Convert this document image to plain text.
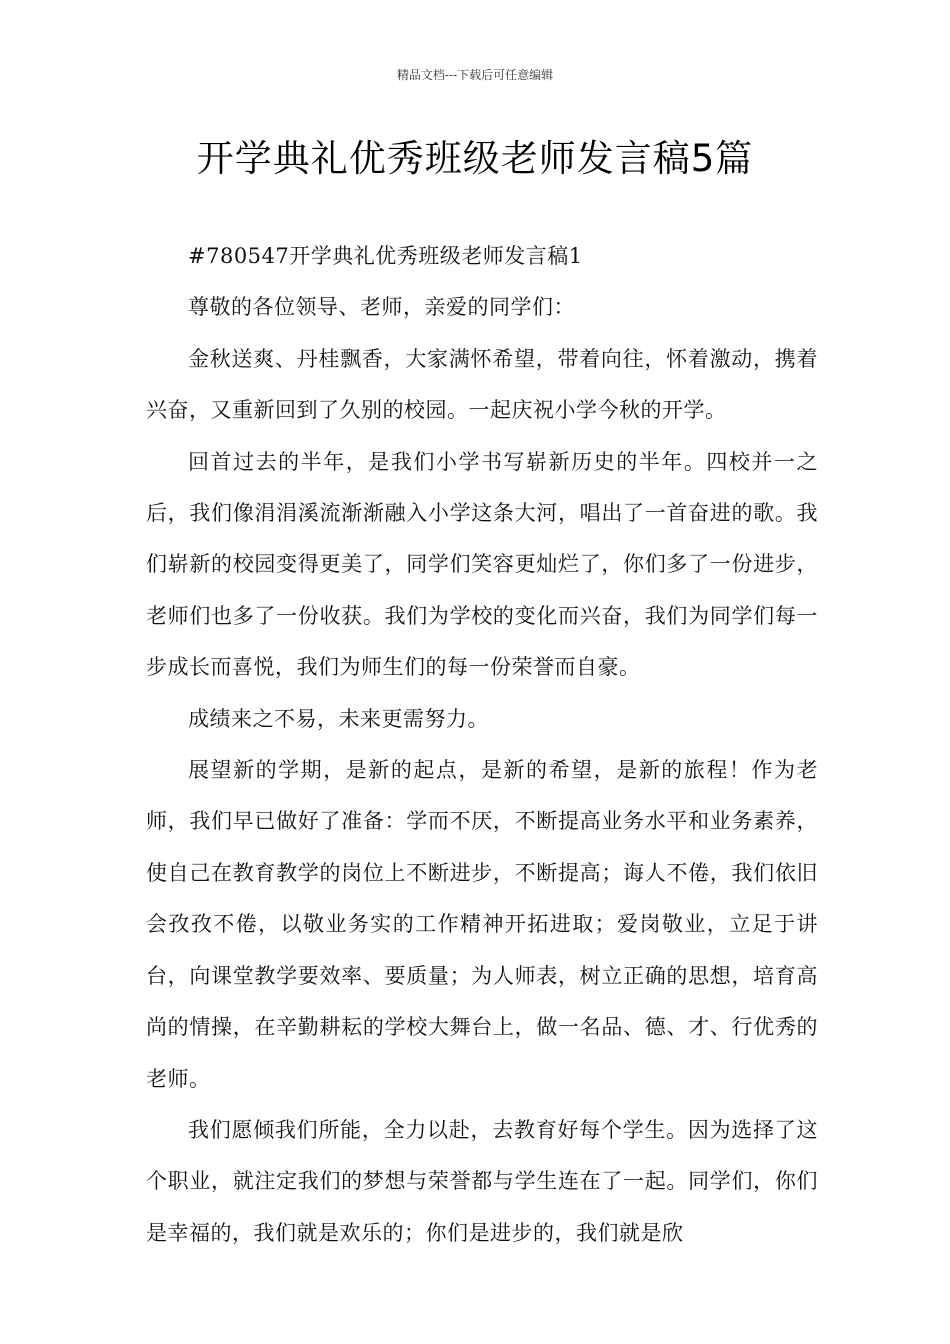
精品文档---下载后可任意编辑
开学典礼优秀班级老师发言稿5篇

#780547开学典礼优秀班级老师发言稿1

尊敬的各位领导、老师，亲爱的同学们：

金秋送爽、丹桂飘香，大家满怀希望，带着向往，怀着激动，携着兴奋，又重新回到了久别的校园。一起庆祝小学今秋的开学。

回首过去的半年，是我们小学书写崭新历史的半年。四校并一之后，我们像涓涓溪流渐渐融入小学这条大河，唱出了一首奋进的歌。我们崭新的校园变得更美了，同学们笑容更灿烂了，你们多了一份进步，老师们也多了一份收获。我们为学校的变化而兴奋，我们为同学们每一步成长而喜悦，我们为师生们的每一份荣誉而自豪。

成绩来之不易，未来更需努力。

展望新的学期，是新的起点，是新的希望，是新的旅程！作为老师，我们早已做好了准备：学而不厌，不断提高业务水平和业务素养，使自己在教育教学的岗位上不断进步，不断提高；诲人不倦，我们依旧会孜孜不倦，以敬业务实的工作精神开拓进取；爱岗敬业，立足于讲台，向课堂教学要效率、要质量；为人师表，树立正确的思想，培育高尚的情操，在辛勤耕耘的学校大舞台上，做一名品、德、才、行优秀的老师。

我们愿倾我们所能，全力以赴，去教育好每个学生。因为选择了这个职业，就注定我们的梦想与荣誉都与学生连在了一起。同学们，你们是幸福的，我们就是欢乐的；你们是进步的，我们就是欣
